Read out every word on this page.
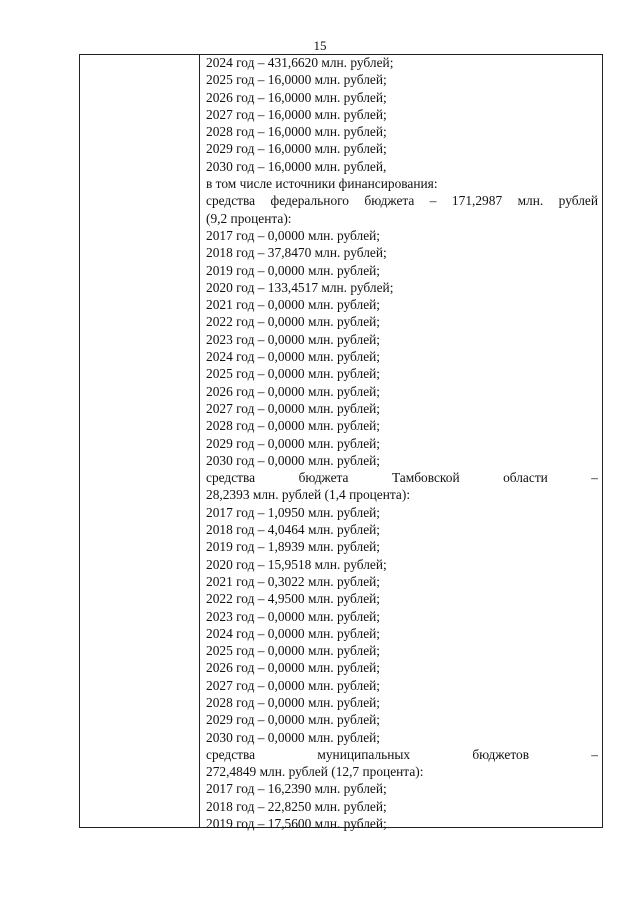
15
2024 год – 431,6620 млн. рублей;
2025 год – 16,0000 млн. рублей;
2026 год – 16,0000 млн. рублей;
2027 год – 16,0000 млн. рублей;
2028 год – 16,0000 млн. рублей;
2029 год – 16,0000 млн. рублей;
2030 год – 16,0000 млн. рублей,
в том числе источники финансирования:
средства федерального бюджета – 171,2987 млн. рублей
(9,2 процента):
2017 год – 0,0000 млн. рублей;
2018 год – 37,8470 млн. рублей;
2019 год – 0,0000 млн. рублей;
2020 год – 133,4517 млн. рублей;
2021 год – 0,0000 млн. рублей;
2022 год – 0,0000 млн. рублей;
2023 год – 0,0000 млн. рублей;
2024 год – 0,0000 млн. рублей;
2025 год – 0,0000 млн. рублей;
2026 год – 0,0000 млн. рублей;
2027 год – 0,0000 млн. рублей;
2028 год – 0,0000 млн. рублей;
2029 год – 0,0000 млн. рублей;
2030 год – 0,0000 млн. рублей;
средства бюджета Тамбовской области –
28,2393 млн. рублей (1,4 процента):
2017 год – 1,0950 млн. рублей;
2018 год – 4,0464 млн. рублей;
2019 год – 1,8939 млн. рублей;
2020 год – 15,9518 млн. рублей;
2021 год – 0,3022 млн. рублей;
2022 год – 4,9500 млн. рублей;
2023 год – 0,0000 млн. рублей;
2024 год – 0,0000 млн. рублей;
2025 год – 0,0000 млн. рублей;
2026 год – 0,0000 млн. рублей;
2027 год – 0,0000 млн. рублей;
2028 год – 0,0000 млн. рублей;
2029 год – 0,0000 млн. рублей;
2030 год – 0,0000 млн. рублей;
средства муниципальных бюджетов –
272,4849 млн. рублей (12,7 процента):
2017 год – 16,2390 млн. рублей;
2018 год – 22,8250 млн. рублей;
2019 год – 17,5600 млн. рублей;
